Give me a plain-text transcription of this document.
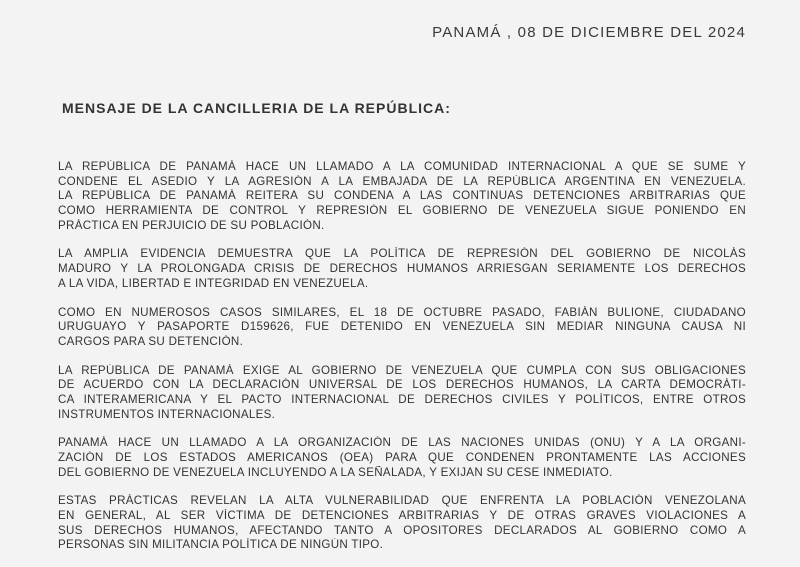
PANAMÁ , 08 DE DICIEMBRE DEL 2024
MENSAJE DE LA CANCILLERIA DE LA REPÚBLICA:
LA REPÚBLICA DE PANAMÁ HACE UN LLAMADO A LA COMUNIDAD INTERNACIONAL A QUE SE SUME Y
CONDENE EL ASEDIO Y LA AGRESIÓN A LA EMBAJADA DE LA REPÚBLICA ARGENTINA EN VENEZUELA.
LA REPÚBLICA DE PANAMÁ REITERA SU CONDENA A LAS CONTINUAS DETENCIONES ARBITRARIAS QUE
COMO HERRAMIENTA DE CONTROL Y REPRESIÓN EL GOBIERNO DE VENEZUELA SIGUE PONIENDO EN
PRÁCTICA EN PERJUICIO DE SU POBLACIÓN.
LA AMPLIA EVIDENCIA DEMUESTRA QUE LA POLÍTICA DE REPRESIÓN DEL GOBIERNO DE NICOLÁS
MADURO Y LA PROLONGADA CRISIS DE DERECHOS HUMANOS ARRIESGAN SERIAMENTE LOS DERECHOS
A LA VIDA, LIBERTAD E INTEGRIDAD EN VENEZUELA.
COMO EN NUMEROSOS CASOS SIMILARES, EL 18 DE OCTUBRE PASADO, FABIÁN BULIONE, CIUDADANO
URUGUAYO Y PASAPORTE D159626, FUE DETENIDO EN VENEZUELA SIN MEDIAR NINGUNA CAUSA NI
CARGOS PARA SU DETENCIÓN.
LA REPÚBLICA DE PANAMÁ EXIGE AL GOBIERNO DE VENEZUELA QUE CUMPLA CON SUS OBLIGACIONES
DE ACUERDO CON LA DECLARACIÓN UNIVERSAL DE LOS DERECHOS HUMANOS, LA CARTA DEMOCRÁTI-
CA INTERAMERICANA Y EL PACTO INTERNACIONAL DE DERECHOS CIVILES Y POLÍTICOS, ENTRE OTROS
INSTRUMENTOS INTERNACIONALES.
PANAMÁ HACE UN LLAMADO A LA ORGANIZACIÓN DE LAS NACIONES UNIDAS (ONU) Y A LA ORGANI-
ZACIÓN DE LOS ESTADOS AMERICANOS (OEA) PARA QUE CONDENEN PRONTAMENTE LAS ACCIONES
DEL GOBIERNO DE VENEZUELA INCLUYENDO A LA SEÑALADA, Y EXIJAN SU CESE INMEDIATO.
ESTAS PRÁCTICAS REVELAN LA ALTA VULNERABILIDAD QUE ENFRENTA LA POBLACIÓN VENEZOLANA
EN GENERAL, AL SER VÍCTIMA DE DETENCIONES ARBITRARIAS Y DE OTRAS GRAVES VIOLACIONES A
SUS DERECHOS HUMANOS, AFECTANDO TANTO A OPOSITORES DECLARADOS AL GOBIERNO COMO A
PERSONAS SIN MILITANCIA POLÍTICA DE NINGÚN TIPO.
